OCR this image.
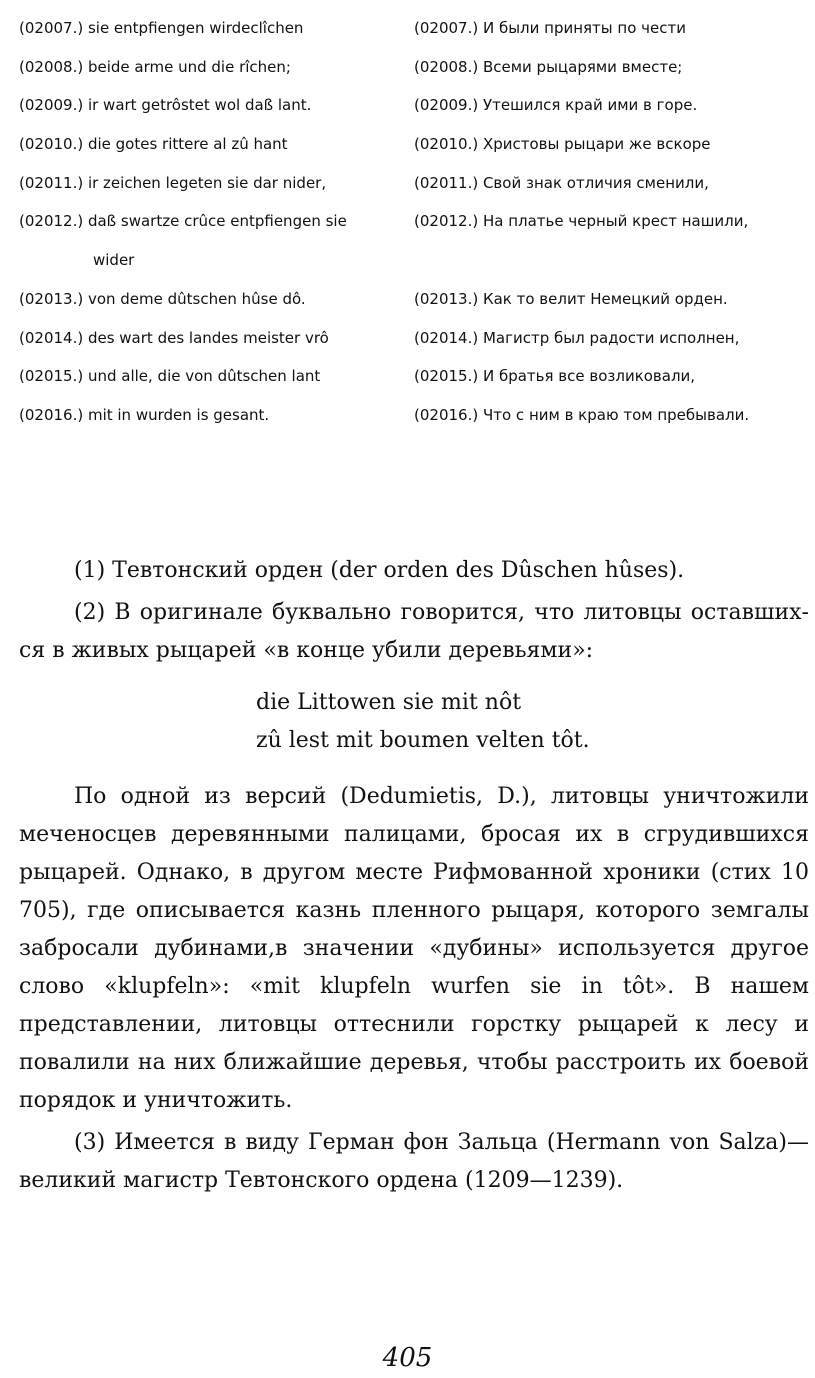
(02007.) sie entpfiengen wirdeclîchen	(02007.) И были приняты по чести
(02008.) beide arme und die rîchen;	(02008.) Всеми рыцарями вместе;
(02009.) ir wart getrôstet wol daß lant.	(02009.) Утешился край ими в горе.
(02010.) die gotes rittere al zû hant	(02010.) Христовы рыцари же вскоре
(02011.) ir zeichen legeten sie dar nider,	(02011.) Свой знак отличия сменили,
(02012.) daß swartze crûce entpfiengen sie	(02012.) На платье черный крест нашили,
wider
(02013.) von deme dûtschen hûse dô.	(02013.) Как то велит Немецкий орден.
(02014.) des wart des landes meister vrô	(02014.) Магистр был радости исполнен,
(02015.) und alle, die von dûtschen lant	(02015.) И братья все возликовали,
(02016.) mit in wurden is gesant.	(02016.) Что с ним в краю том пребывали.

(1) Тевтонский орден (der orden des Dûschen hûses).

(2) В оригинале буквально говорится, что литовцы оставших-ся в живых рыцарей «в конце убили деревьями»:

die Littowen sie mit nôt
zû lest mit boumen velten tôt.

По одной из версий (Dedumietis, D.), литовцы уничтожили меченосцев деревянными палицами, бросая их в сгрудившихся рыцарей. Однако, в другом месте Рифмованной хроники (стих 10 705), где описывается казнь пленного рыцаря, которого земгалы забросали дубинами,в значении «дубины» используется другое слово «klupfeln»: «mit klupfeln wurfen sie in tôt». В нашем представлении, литовцы оттеснили горстку рыцарей к лесу и повалили на них ближайшие деревья, чтобы расстроить их боевой порядок и уничтожить.

(3) Имеется в виду Герман фон Зальца (Hermann von Salza)— великий магистр Тевтонского ордена (1209—1239).

405
